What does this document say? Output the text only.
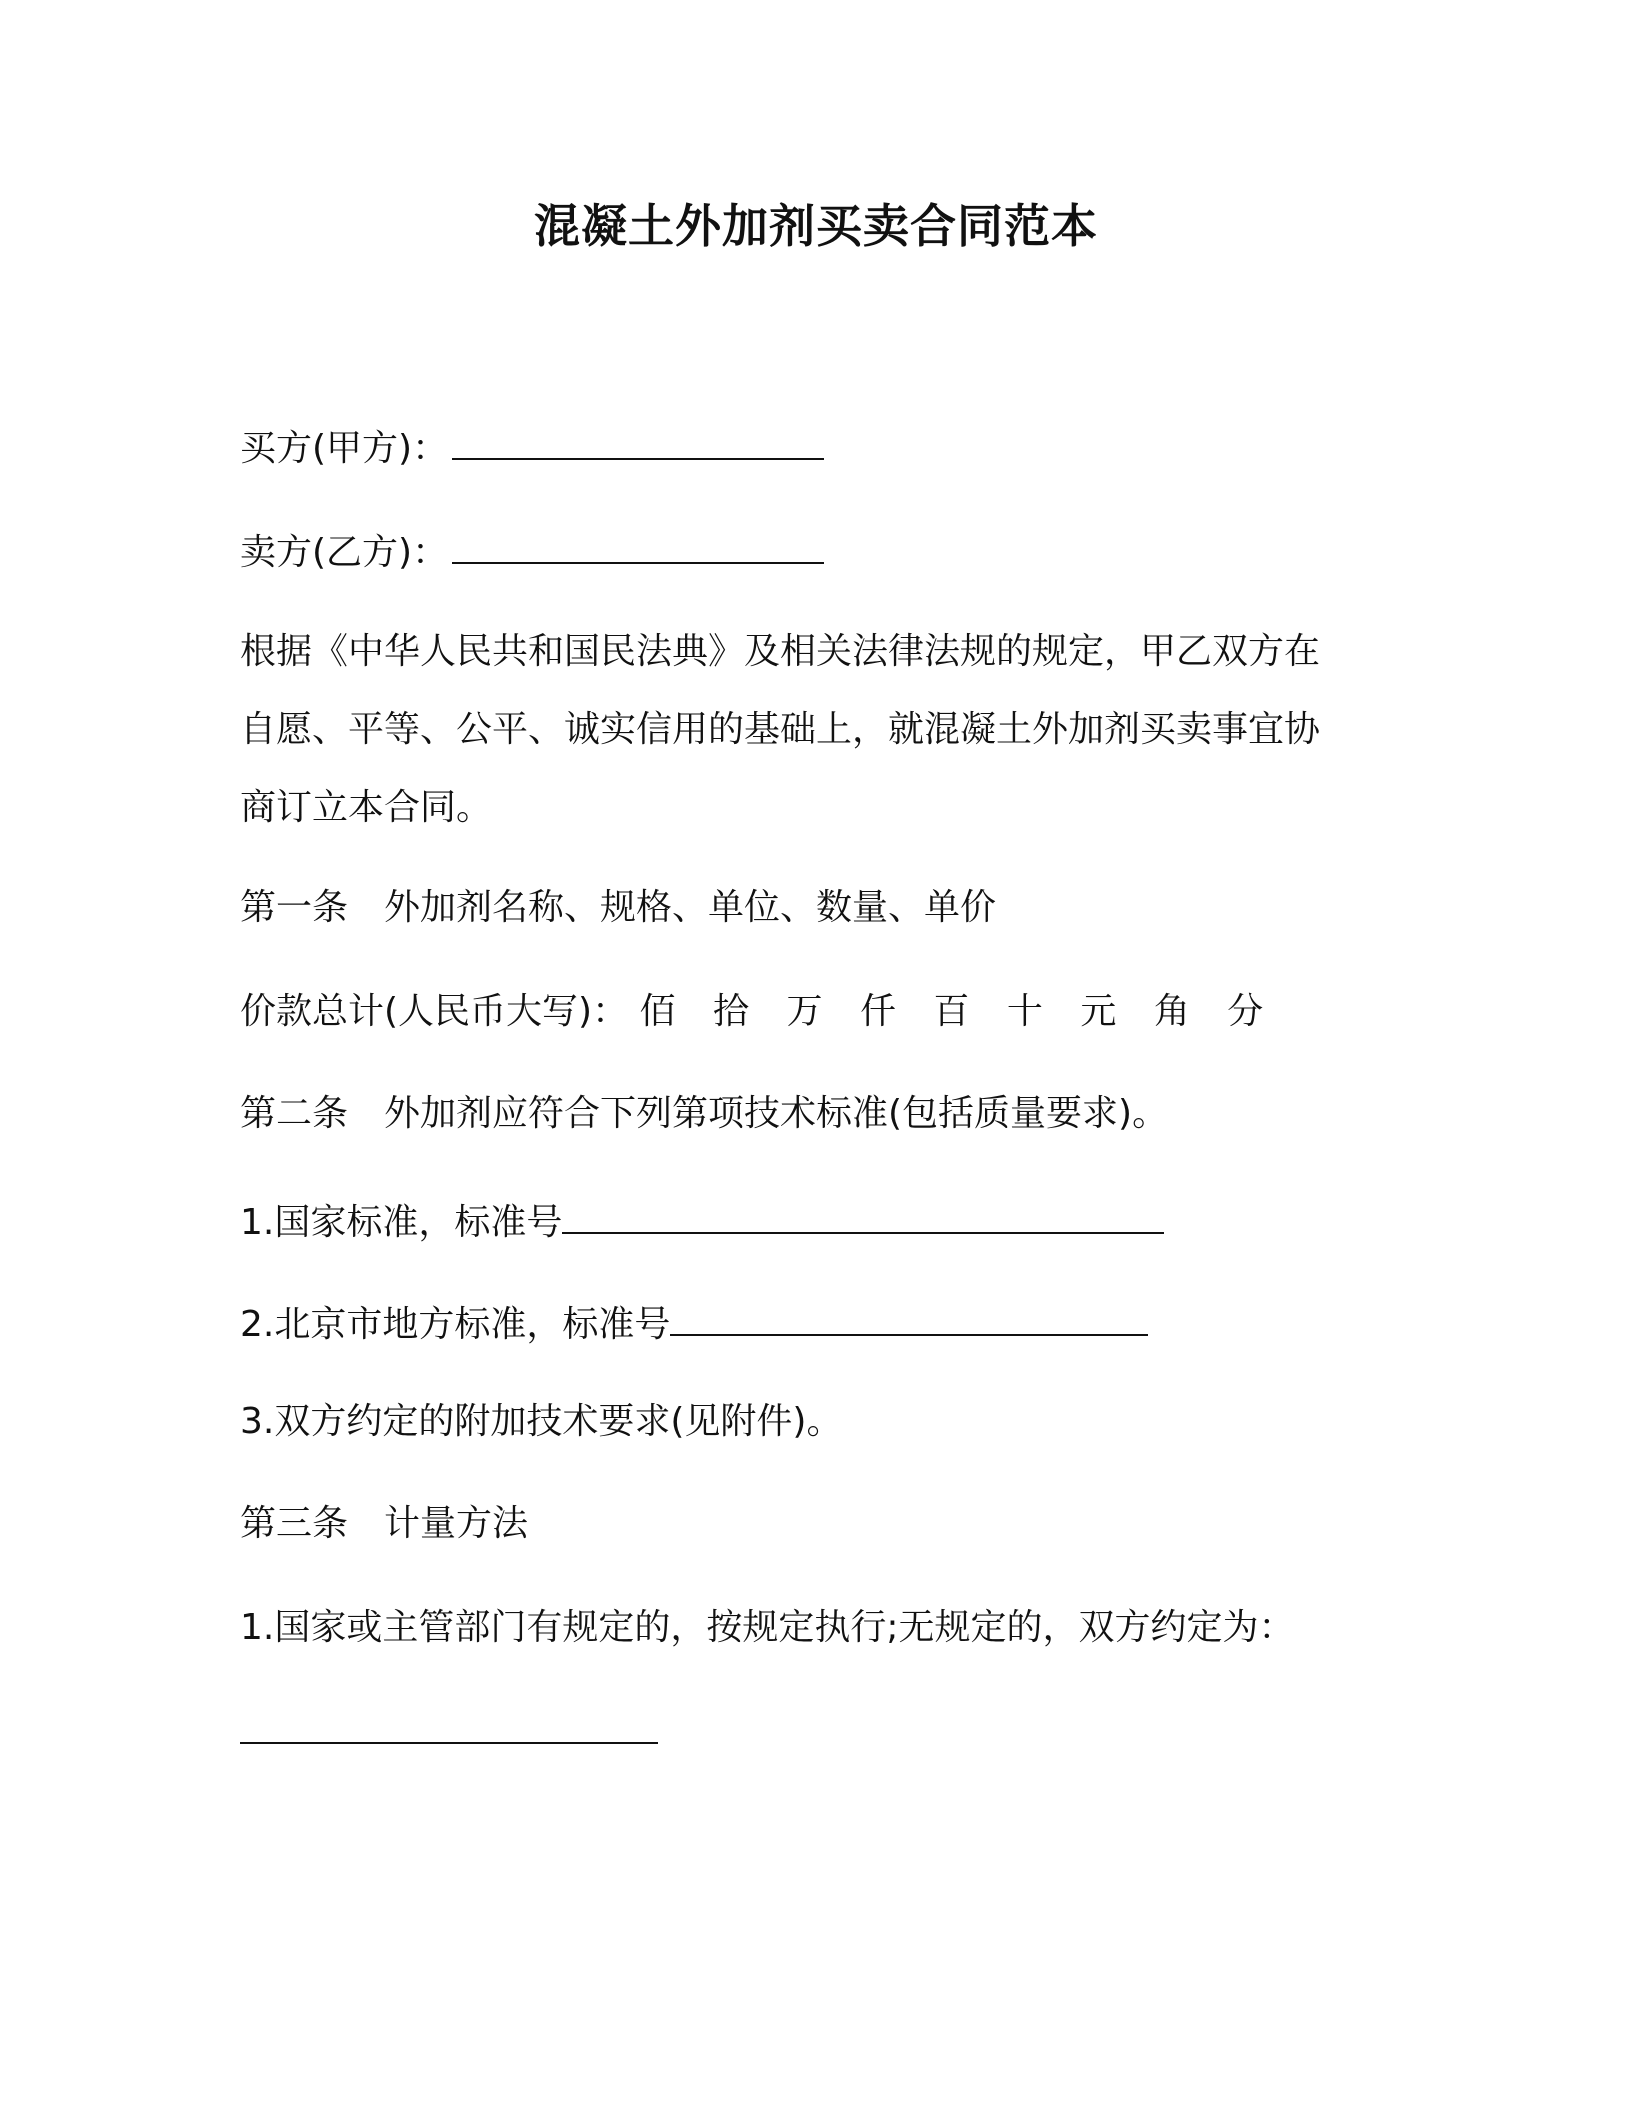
混凝土外加剂买卖合同范本
买方(甲方)：
卖方(乙方)：
根据《中华人民共和国民法典》及相关法律法规的规定，甲乙双方在
自愿、平等、公平、诚实信用的基础上，就混凝土外加剂买卖事宜协
商订立本合同。
第一条 外加剂名称、规格、单位、数量、单价
价款总计(人民币大写)： 佰 拾 万 仟 百 十 元 角 分
第二条 外加剂应符合下列第项技术标准(包括质量要求)。
1.国家标准，标准号
2.北京市地方标准，标准号
3.双方约定的附加技术要求(见附件)。
第三条 计量方法
1.国家或主管部门有规定的，按规定执行;无规定的，双方约定为：
